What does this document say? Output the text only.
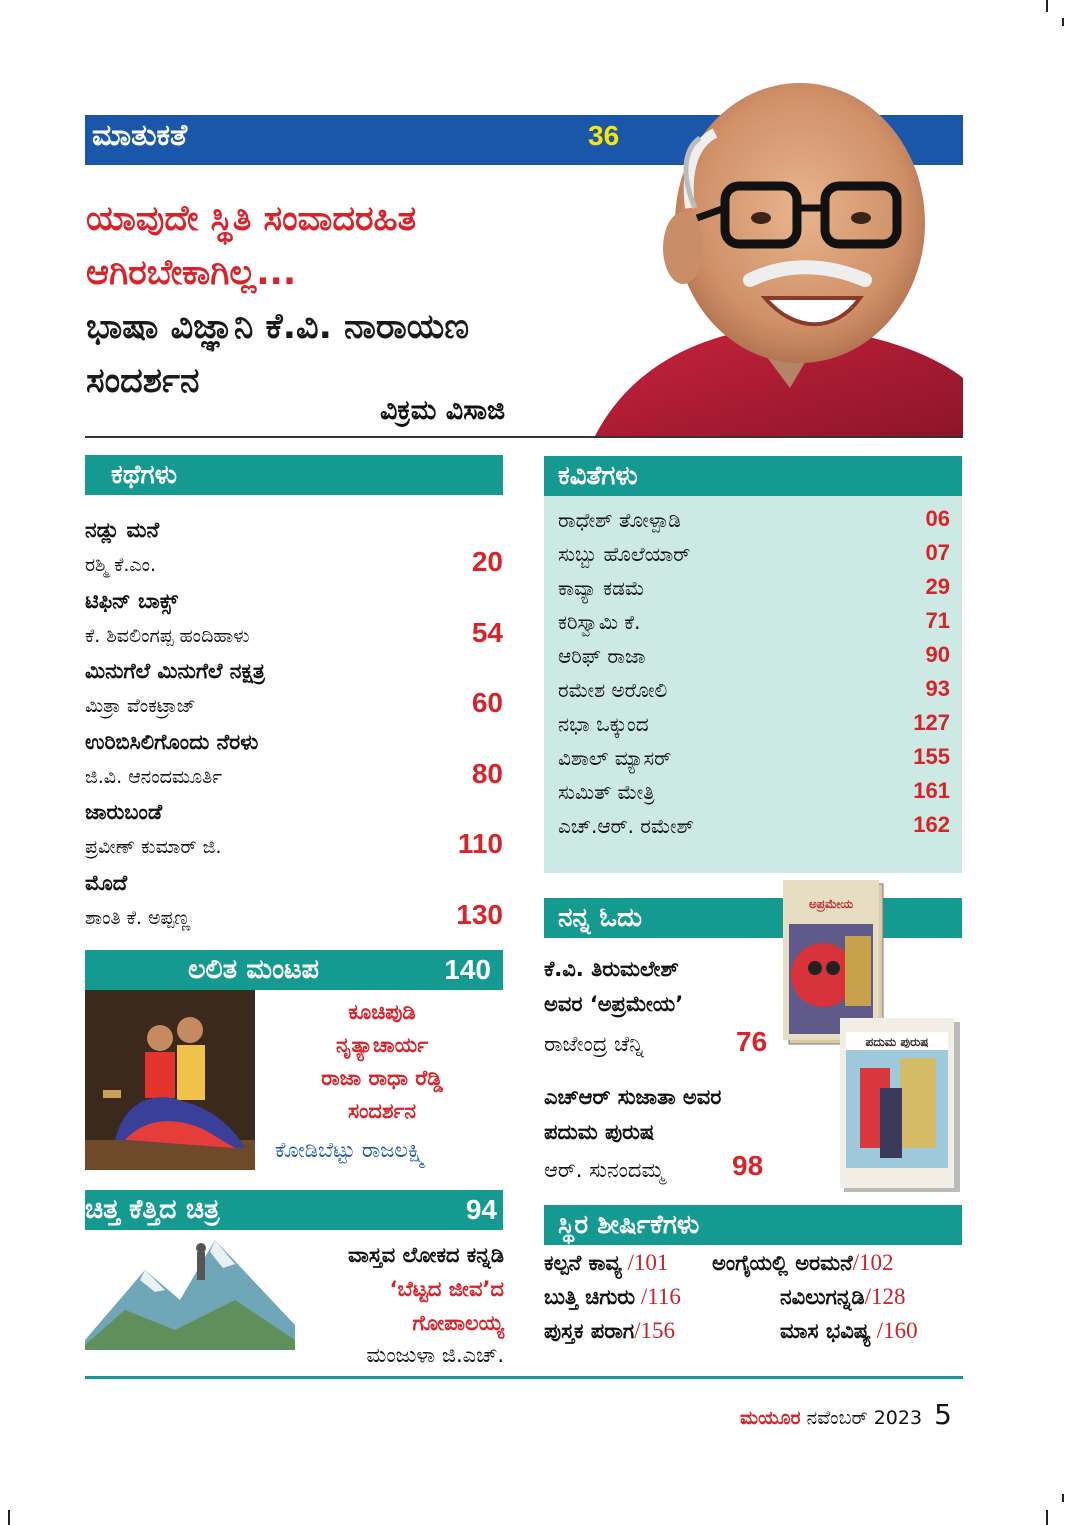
ಮಾತುಕತೆ	36
ಯಾವುದೇ ಸ್ಥಿತಿ ಸಂವಾದರಹಿತ
ಆಗಿರಬೇಕಾಗಿಲ್ಲ...
ಭಾಷಾ ವಿಜ್ಞಾನಿ ಕೆ.ವಿ. ನಾರಾಯಣ
ಸಂದರ್ಶನ
ವಿಕ್ರಮ ವಿಸಾಜಿ
ಕಥೆಗಳು
ನಡ್ಲು ಮನೆ
ರಶ್ಮಿ ಕೆ.ಎಂ.	20
ಟಿಫಿನ್ ಬಾಕ್ಸ್
ಕೆ. ಶಿವಲಿಂಗಪ್ಪ ಹಂದಿಹಾಳು	54
ಮಿನುಗೆಲೆ ಮಿನುಗೆಲೆ ನಕ್ಷತ್ರ
ಮಿತ್ರಾ ವೆಂಕಟ್ರಾಜ್	60
ಉರಿಬಿಸಿಲಿಗೊಂದು ನೆರಳು
ಜಿ.ವಿ. ಆನಂದಮೂರ್ತಿ	80
ಜಾರುಬಂಡೆ
ಪ್ರವೀಣ್ ಕುಮಾರ್ ಜಿ.	110
ಮೊದೆ
ಶಾಂತಿ ಕೆ. ಅಪ್ಪಣ್ಣ	130
ಕವಿತೆಗಳು
ರಾಧೇಶ್ ತೋಳ್ಪಾಡಿ	06
ಸುಬ್ಬು ಹೊಲೆಯಾರ್	07
ಕಾವ್ಯಾ ಕಡಮೆ	29
ಕರಿಸ್ವಾಮಿ ಕೆ.	71
ಆರಿಫ್ ರಾಜಾ	90
ರಮೇಶ ಅರೋಲಿ	93
ನಭಾ ಒಕ್ಕುಂದ	127
ವಿಶಾಲ್ ಮ್ಯಾಸರ್	155
ಸುಮಿತ್ ಮೇತ್ರಿ	161
ಎಚ್.ಆರ್. ರಮೇಶ್	162
ನನ್ನ ಓದು	ಅಪ್ರಮೇಯ
ಪದುಮ ಪುರುಷ
ಕೆ.ವಿ. ತಿರುಮಲೇಶ್
ಅವರ ‘ಅಪ್ರಮೇಯ’
ರಾಜೇಂದ್ರ ಚೆನ್ನಿ	76
ಎಚ್‌ಆರ್‌ ಸುಜಾತಾ ಅವರ
ಪದುಮ ಪುರುಷ
ಆರ್. ಸುನಂದಮ್ಮ 98
ಸ್ಥಿರ ಶೀರ್ಷಿಕೆಗಳು
ಕಲ್ಪನೆ ಕಾವ್ಯ /101 ಅಂಗೈಯಲ್ಲಿ ಅರಮನೆ/102
ಬುತ್ತಿ ಚಿಗುರು /116	ನವಿಲುಗನ್ನಡಿ/128
ಪುಸ್ತಕ ಪರಾಗ/156	ಮಾಸ ಭವಿಷ್ಯ /160
ಲಲಿತ ಮಂಟಪ	140
ಕೂಚಿಪುಡಿ
ನೃತ್ಯಾಚಾರ್ಯ
ರಾಜಾ ರಾಧಾ ರೆಡ್ಡಿ
ಸಂದರ್ಶನ
ಕೋಡಿಬೆಟ್ಟು ರಾಜಲಕ್ಷ್ಮಿ
ಚಿತ್ತ ಕೆತ್ತಿದ ಚಿತ್ರ	94
ವಾಸ್ತವ ಲೋಕದ ಕನ್ನಡಿ
‘ಬೆಟ್ಟದ ಜೀವ’ದ
ಗೋಪಾಲಯ್ಯ
ಮಂಜುಳಾ ಜಿ.ಎಚ್.
ಮಯೂರ ನವೆಂಬರ್ 2023 5
